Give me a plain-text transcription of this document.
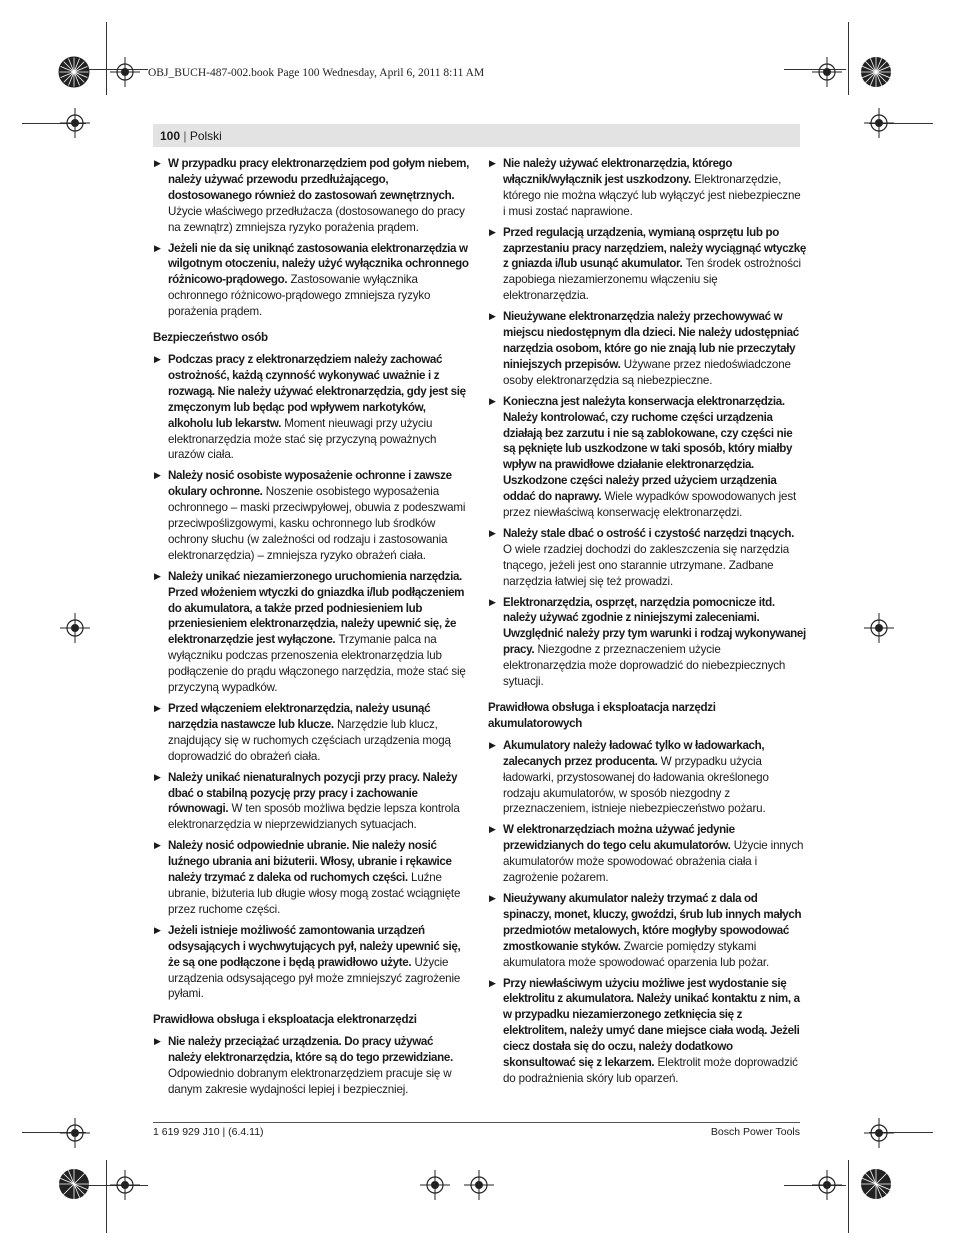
OBJ_BUCH-487-002.book Page 100 Wednesday, April 6, 2011 8:11 AM
100 | Polski
▶ W przypadku pracy elektronarzędziem pod gołym niebem, należy używać przewodu przedłużającego, dostosowanego również do zastosowań zewnętrznych. Użycie właściwego przedłużacza (dostosowanego do pracy na zewnątrz) zmniejsza ryzyko porażenia prądem.
▶ Jeżeli nie da się uniknąć zastosowania elektronarzędzia w wilgotnym otoczeniu, należy użyć wyłącznika ochronnego różnicowo-prądowego. Zastosowanie wyłącznika ochronnego różnicowo-prądowego zmniejsza ryzyko porażenia prądem.
Bezpieczeństwo osób
▶ Podczas pracy z elektronarzędziem należy zachować ostrożność, każdą czynność wykonywać uważnie i z rozwagą. Nie należy używać elektronarzędzia, gdy jest się zmęczonym lub będąc pod wpływem narkotyków, alkoholu lub lekarstw. Moment nieuwagi przy użyciu elektronarzędzia może stać się przyczyną poważnych urazów ciała.
▶ Należy nosić osobiste wyposażenie ochronne i zawsze okulary ochronne. Noszenie osobistego wyposażenia ochronnego – maski przeciwpyłowej, obuwia z podeszwami przeciwpoślizgowymi, kasku ochronnego lub środków ochrony słuchu (w zależności od rodzaju i zastosowania elektronarzędzia) – zmniejsza ryzyko obrażeń ciała.
▶ Należy unikać niezamierzonego uruchomienia narzędzia. Przed włożeniem wtyczki do gniazdka i/lub podłączeniem do akumulatora, a także przed podniesieniem lub przeniesieniem elektronarzędzia, należy upewnić się, że elektronarzędzie jest wyłączone. Trzymanie palca na wyłączniku podczas przenoszenia elektronarzędzia lub podłączenie do prądu włączonego narzędzia, może stać się przyczyną wypadków.
▶ Przed włączeniem elektronarzędzia, należy usunąć narzędzia nastawcze lub klucze. Narzędzie lub klucz, znajdujący się w ruchomych częściach urządzenia mogą doprowadzić do obrażeń ciała.
▶ Należy unikać nienaturalnych pozycji przy pracy. Należy dbać o stabilną pozycję przy pracy i zachowanie równowagi. W ten sposób możliwa będzie lepsza kontrola elektronarzędzia w nieprzewidzianych sytuacjach.
▶ Należy nosić odpowiednie ubranie. Nie należy nosić luźnego ubrania ani biżuterii. Włosy, ubranie i rękawice należy trzymać z daleka od ruchomych części. Luźne ubranie, biżuteria lub długie włosy mogą zostać wciągnięte przez ruchome części.
▶ Jeżeli istnieje możliwość zamontowania urządzeń odsysających i wychwytujących pył, należy upewnić się, że są one podłączone i będą prawidłowo użyte. Użycie urządzenia odsysającego pył może zmniejszyć zagrożenie pyłami.
Prawidłowa obsługa i eksploatacja elektronarzędzi
▶ Nie należy przeciążać urządzenia. Do pracy używać należy elektronarzędzia, które są do tego przewidziane. Odpowiednio dobranym elektronarzędziem pracuje się w danym zakresie wydajności lepiej i bezpieczniej.
▶ Nie należy używać elektronarzędzia, którego włącznik/wyłącznik jest uszkodzony. Elektronarzędzie, którego nie można włączyć lub wyłączyć jest niebezpieczne i musi zostać naprawione.
▶ Przed regulacją urządzenia, wymianą osprzętu lub po zaprzestaniu pracy narzędziem, należy wyciągnąć wtyczkę z gniazda i/lub usunąć akumulator. Ten środek ostrożności zapobiega niezamierzonemu włączeniu się elektronarzędzia.
▶ Nieużywane elektronarzędzia należy przechowywać w miejscu niedostępnym dla dzieci. Nie należy udostępniać narzędzia osobom, które go nie znają lub nie przeczytały niniejszych przepisów. Używane przez niedoświadczone osoby elektronarzędzia są niebezpieczne.
▶ Konieczna jest należyta konserwacja elektronarzędzia. Należy kontrolować, czy ruchome części urządzenia działają bez zarzutu i nie są zablokowane, czy części nie są pęknięte lub uszkodzone w taki sposób, który miałby wpływ na prawidłowe działanie elektronarzędzia. Uszkodzone części należy przed użyciem urządzenia oddać do naprawy. Wiele wypadków spowodowanych jest przez niewłaściwą konserwację elektronarzędzi.
▶ Należy stale dbać o ostrość i czystość narzędzi tnących. O wiele rzadziej dochodzi do zakleszczenia się narzędzia tnącego, jeżeli jest ono starannie utrzymane. Zadbane narzędzia łatwiej się też prowadzi.
▶ Elektronarzędzia, osprzęt, narzędzia pomocnicze itd. należy używać zgodnie z niniejszymi zaleceniami. Uwzględnić należy przy tym warunki i rodzaj wykonywanej pracy. Niezgodne z przeznaczeniem użycie elektronarzędzia może doprowadzić do niebezpiecznych sytuacji.
Prawidłowa obsługa i eksploatacja narzędzi akumulatorowych
▶ Akumulatory należy ładować tylko w ładowarkach, zalecanych przez producenta. W przypadku użycia ładowarki, przystosowanej do ładowania określonego rodzaju akumulatorów, w sposób niezgodny z przeznaczeniem, istnieje niebezpieczeństwo pożaru.
▶ W elektronarzędziach można używać jedynie przewidzianych do tego celu akumulatorów. Użycie innych akumulatorów może spowodować obrażenia ciała i zagrożenie pożarem.
▶ Nieużywany akumulator należy trzymać z dala od spinaczy, monet, kluczy, gwoździ, śrub lub innych małych przedmiotów metalowych, które mogłyby spowodować zmostkowanie styków. Zwarcie pomiędzy stykami akumulatora może spowodować oparzenia lub pożar.
▶ Przy niewłaściwym użyciu możliwe jest wydostanie się elektrolitu z akumulatora. Należy unikać kontaktu z nim, a w przypadku niezamierzonego zetknięcia się z elektrolitem, należy umyć dane miejsce ciała wodą. Jeżeli ciecz dostała się do oczu, należy dodatkowo skonsultować się z lekarzem. Elektrolit może doprowadzić do podrażnienia skóry lub oparzeń.
1 619 929 J10 | (6.4.11)	Bosch Power Tools
